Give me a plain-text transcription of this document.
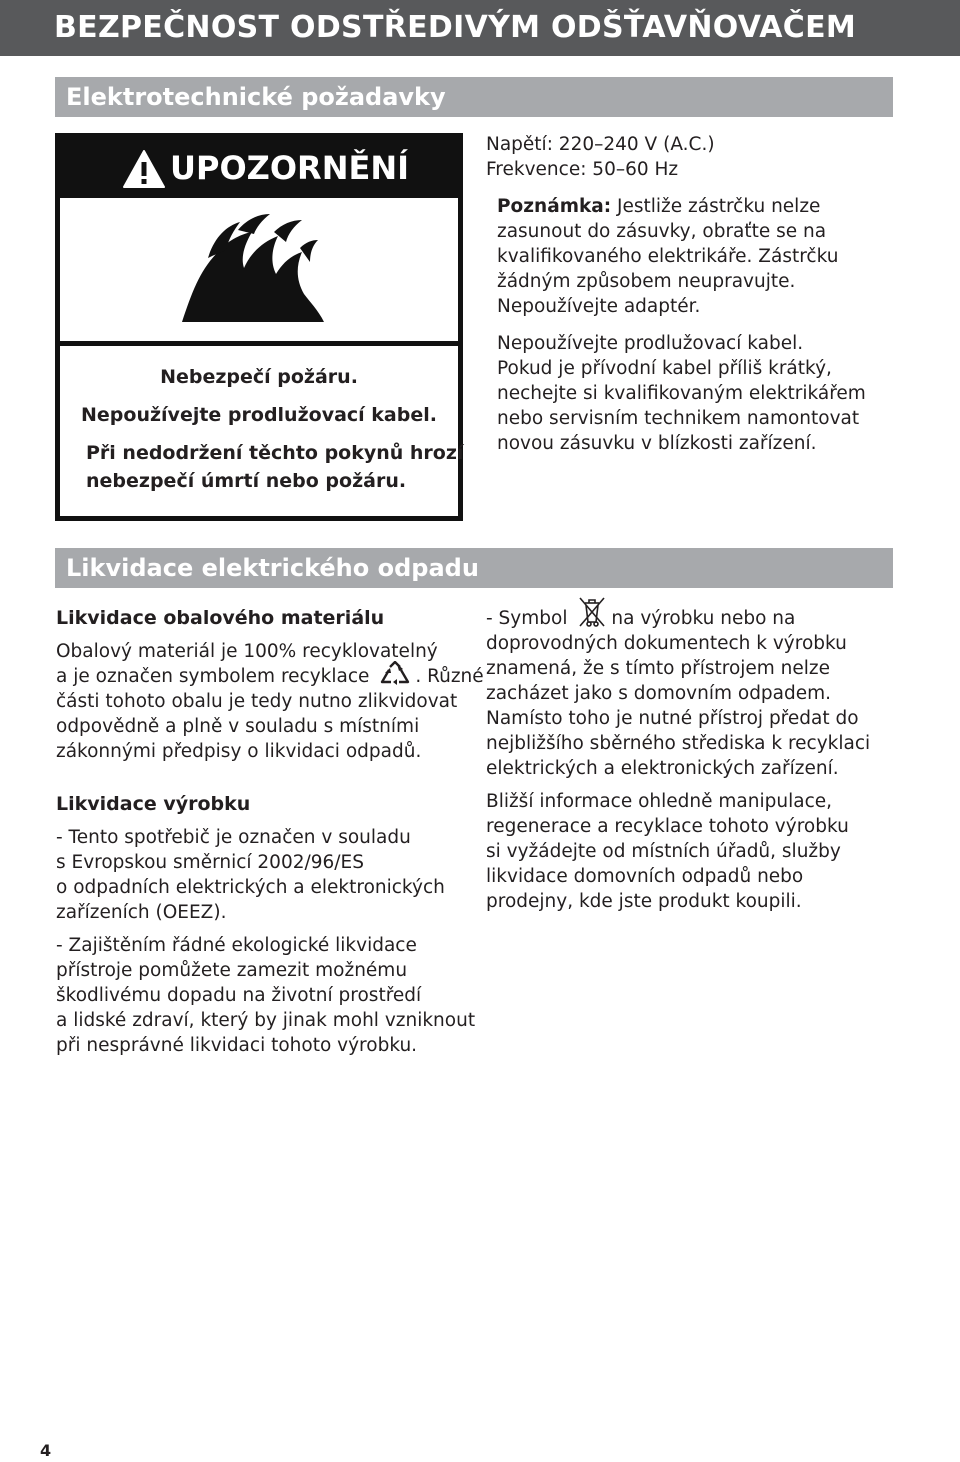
BEZPEČNOST ODSTŘEDIVÝM ODŠŤAVŇOVAČEM
Elektrotechnické požadavky
UPOZORNĚNÍ
Nebezpečí požáru.
Nepoužívejte prodlužovací kabel.
Při nedodržení těchto pokynů hrozí
nebezpečí úmrtí nebo požáru.
Napětí: 220–240 V (A.C.)
Frekvence: 50–60 Hz
Poznámka: Jestliže zástrčku nelze
zasunout do zásuvky, obraťte se na
kvalifikovaného elektrikáře. Zástrčku
žádným způsobem neupravujte.
Nepoužívejte adaptér.
Nepoužívejte prodlužovací kabel.
Pokud je přívodní kabel příliš krátký,
nechejte si kvalifikovaným elektrikářem
nebo servisním technikem namontovat
novou zásuvku v blízkosti zařízení.
Likvidace elektrického odpadu
Likvidace obalového materiálu
Obalový materiál je 100% recyklovatelný
a je označen symbolem recyklace . Různé
části tohoto obalu je tedy nutno zlikvidovat
odpovědně a plně v souladu s místními
zákonnými předpisy o likvidaci odpadů.
Likvidace výrobku
- Tento spotřebič je označen v souladu
s Evropskou směrnicí 2002/96/ES
o odpadních elektrických a elektronických
zařízeních (OEEZ).
- Zajištěním řádné ekologické likvidace
přístroje pomůžete zamezit možnému
škodlivému dopadu na životní prostředí
a lidské zdraví, který by jinak mohl vzniknout
při nesprávné likvidaci tohoto výrobku.
- Symbol na výrobku nebo na
doprovodných dokumentech k výrobku
znamená, že s tímto přístrojem nelze
zacházet jako s domovním odpadem.
Namísto toho je nutné přístroj předat do
nejbližšího sběrného střediska k recyklaci
elektrických a elektronických zařízení.
Bližší informace ohledně manipulace,
regenerace a recyklace tohoto výrobku
si vyžádejte od místních úřadů, služby
likvidace domovních odpadů nebo
prodejny, kde jste produkt koupili.
4
